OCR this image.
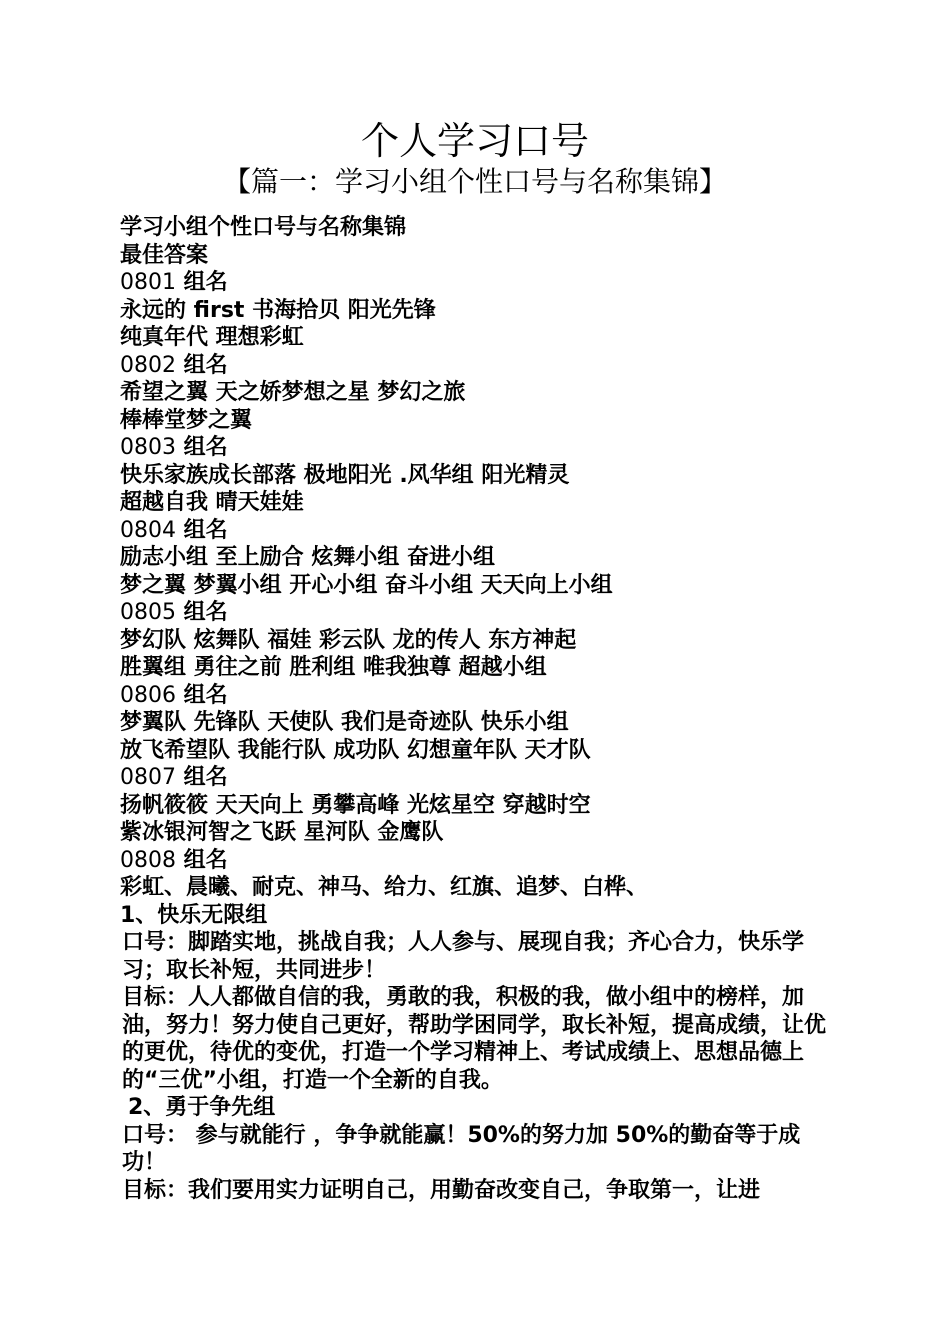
个人学习口号
【篇一：学习小组个性口号与名称集锦】

学习小组个性口号与名称集锦

最佳答案

0801 组名

永远的 first 书海拾贝 阳光先锋

纯真年代 理想彩虹

0802 组名

希望之翼 天之娇梦想之星 梦幻之旅

棒棒堂梦之翼

0803 组名

快乐家族成长部落 极地阳光 .风华组 阳光精灵

超越自我 晴天娃娃

0804 组名

励志小组 至上励合 炫舞小组 奋进小组

梦之翼 梦翼小组 开心小组 奋斗小组 天天向上小组

0805 组名

梦幻队 炫舞队 福娃 彩云队 龙的传人 东方神起

胜翼组 勇往之前 胜利组 唯我独尊 超越小组

0806 组名

梦翼队 先锋队 天使队 我们是奇迹队 快乐小组

放飞希望队 我能行队 成功队 幻想童年队 天才队

0807 组名

扬帆筱筱 天天向上 勇攀高峰 光炫星空 穿越时空

紫冰银河智之飞跃 星河队 金鹰队

0808 组名

彩虹、晨曦、耐克、神马、给力、红旗、追梦、白桦、

1、快乐无限组

口号：脚踏实地，挑战自我；人人参与、展现自我；齐心合力，快乐学习；取长补短，共同进步！

目标：人人都做自信的我，勇敢的我，积极的我，做小组中的榜样，加油，努力！努力使自己更好，帮助学困同学，取长补短，提高成绩，让优的更优，待优的变优，打造一个学习精神上、考试成绩上、思想品德上的“三优”小组，打造一个全新的自我。

2、勇于争先组

口号： 参与就能行 ，争争就能赢！50%的努力加 50%的勤奋等于成功！

目标：我们要用实力证明自己，用勤奋改变自己，争取第一，让进
